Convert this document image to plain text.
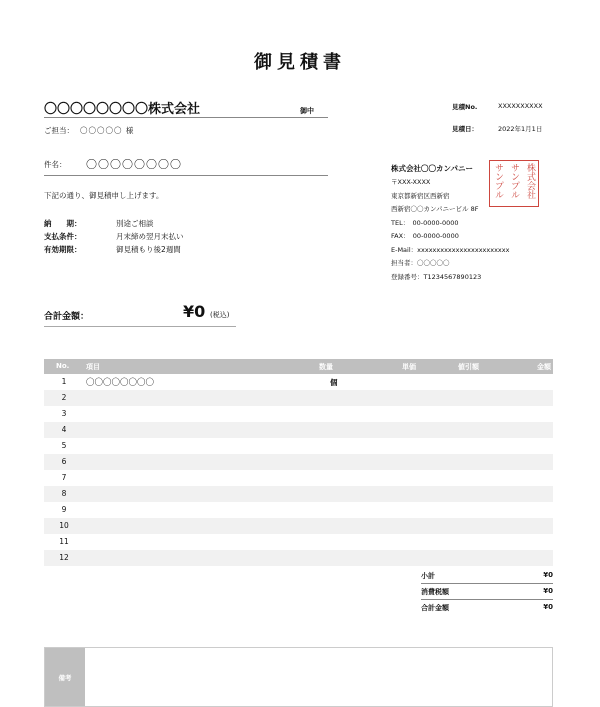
御見積書
〇〇〇〇〇〇〇〇株式会社	御中
ご担当： 〇〇〇〇〇 様
見積No.	XXXXXXXXXX
見積日：	2022年1月1日
件名： 〇〇〇〇〇〇〇〇
下記の通り、御見積申し上げます。
納　　期：	別途ご相談
支払条件：	月末締め翌月末払い
有効期限：	御見積もり後2週間
株式会社〇〇カンパニー
〒XXX-XXXX
東京都新宿区西新宿
西新宿〇〇カンパニービル 8F
TEL：　00-0000-0000
FAX：　00-0000-0000
E-Mail：xxxxxxxxxxxxxxxxxxxxxxxx
担当者：〇〇〇〇〇
登録番号：T1234567890123
株式会社
サンプル
サンプル
合計金額：	¥0 (税込)
No. 項目	数量	単価	値引額	金額
1	〇〇〇〇〇〇〇〇	個
2
3
4
5
6
7
8
9
10
11
12
小計	¥0
消費税額	¥0
合計金額	¥0
備考
